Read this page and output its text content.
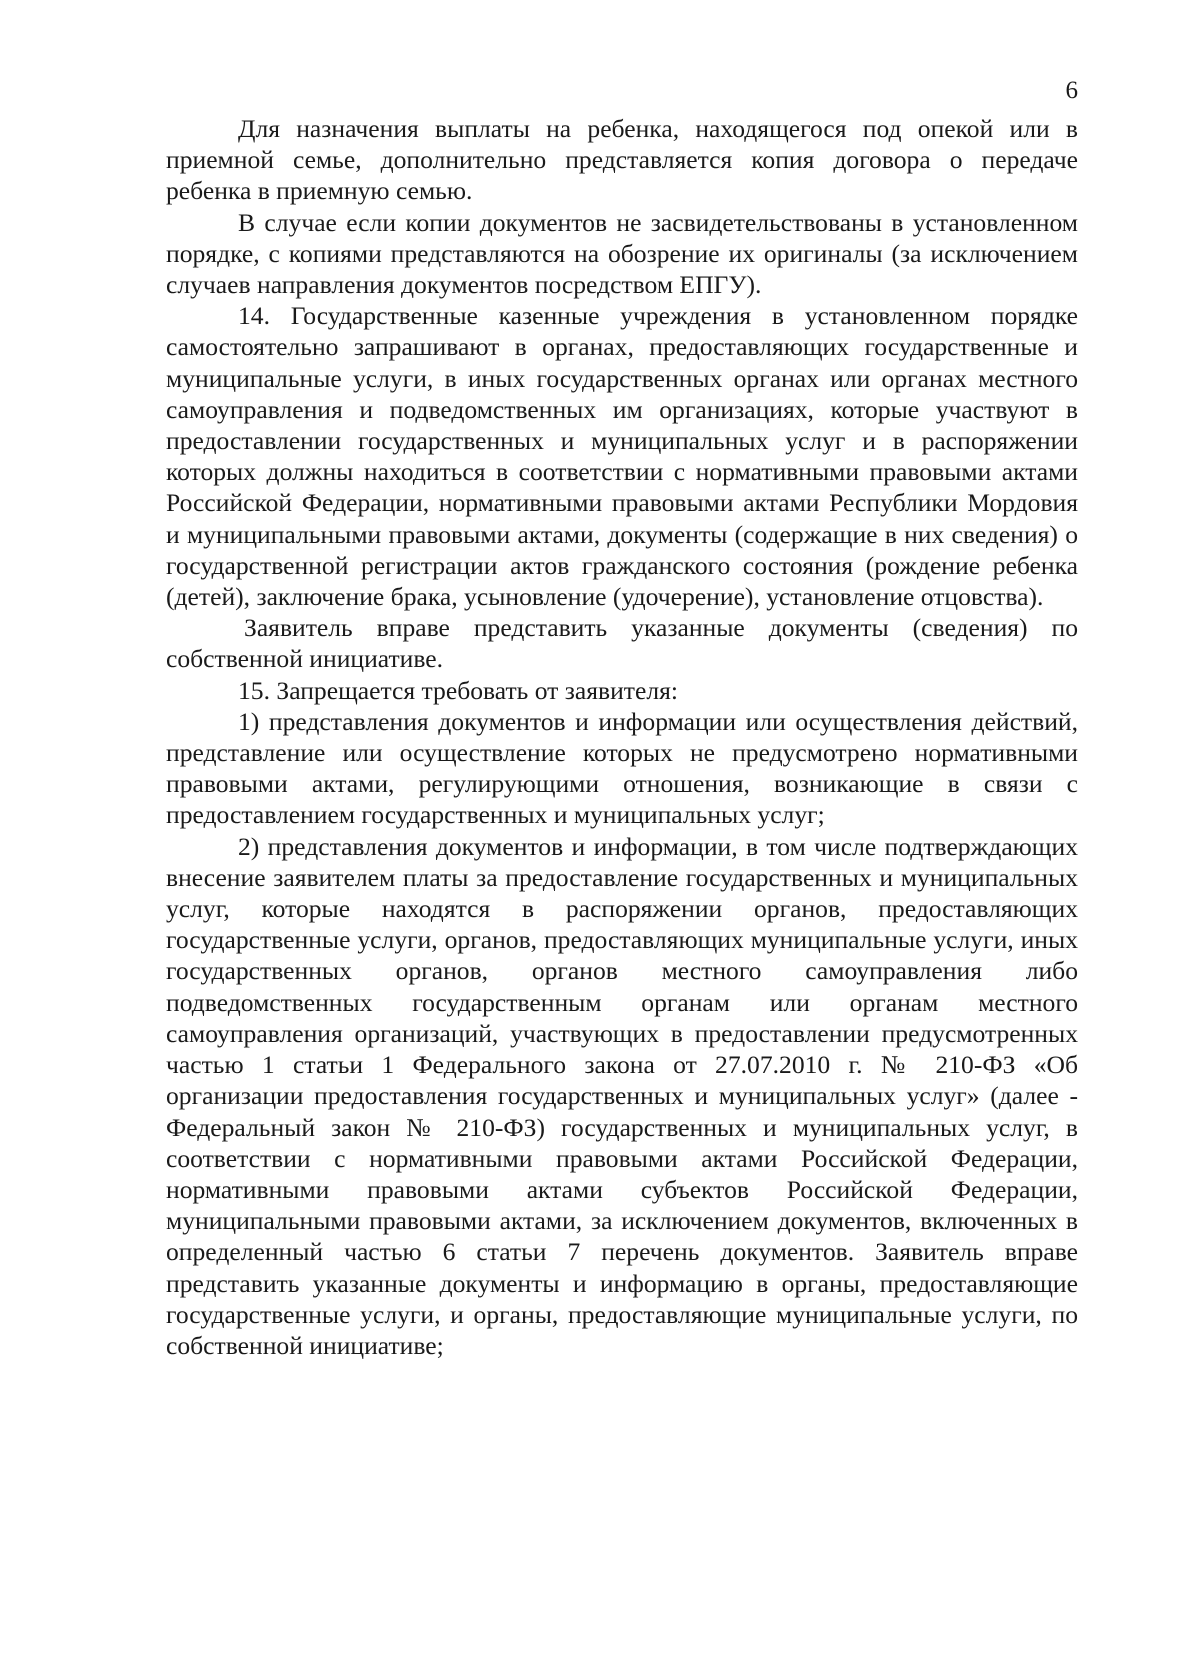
6

Для назначения выплаты на ребенка, находящегося под опекой или в приемной семье, дополнительно представляется копия договора о передаче ребенка в приемную семью.

В случае если копии документов не засвидетельствованы в установленном порядке, с копиями представляются на обозрение их оригиналы (за исключением случаев направления документов посредством ЕПГУ).

14. Государственные казенные учреждения в установленном порядке самостоятельно запрашивают в органах, предоставляющих государственные и муниципальные услуги, в иных государственных органах или органах местного самоуправления и подведомственных им организациях, которые участвуют в предоставлении государственных и муниципальных услуг и в распоряжении которых должны находиться в соответствии с нормативными правовыми актами Российской Федерации, нормативными правовыми актами Республики Мордовия и муниципальными правовыми актами, документы (содержащие в них сведения) о государственной регистрации актов гражданского состояния (рождение ребенка (детей), заключение брака, усыновление (удочерение), установление отцовства).

Заявитель вправе представить указанные документы (сведения) по собственной инициативе.

15. Запрещается требовать от заявителя:

1) представления документов и информации или осуществления действий, представление или осуществление которых не предусмотрено нормативными правовыми актами, регулирующими отношения, возникающие в связи с предоставлением государственных и муниципальных услуг;

2) представления документов и информации, в том числе подтверждающих внесение заявителем платы за предоставление государственных и муниципальных услуг, которые находятся в распоряжении органов, предоставляющих государственные услуги, органов, предоставляющих муниципальные услуги, иных государственных органов, органов местного самоуправления либо подведомственных государственным органам или органам местного самоуправления организаций, участвующих в предоставлении предусмотренных частью 1 статьи 1 Федерального закона от 27.07.2010 г. № 210-ФЗ «Об организации предоставления государственных и муниципальных услуг» (далее - Федеральный закон № 210-ФЗ) государственных и муниципальных услуг, в соответствии с нормативными правовыми актами Российской Федерации, нормативными правовыми актами субъектов Российской Федерации, муниципальными правовыми актами, за исключением документов, включенных в определенный частью 6 статьи 7 перечень документов. Заявитель вправе представить указанные документы и информацию в органы, предоставляющие государственные услуги, и органы, предоставляющие муниципальные услуги, по собственной инициативе;
